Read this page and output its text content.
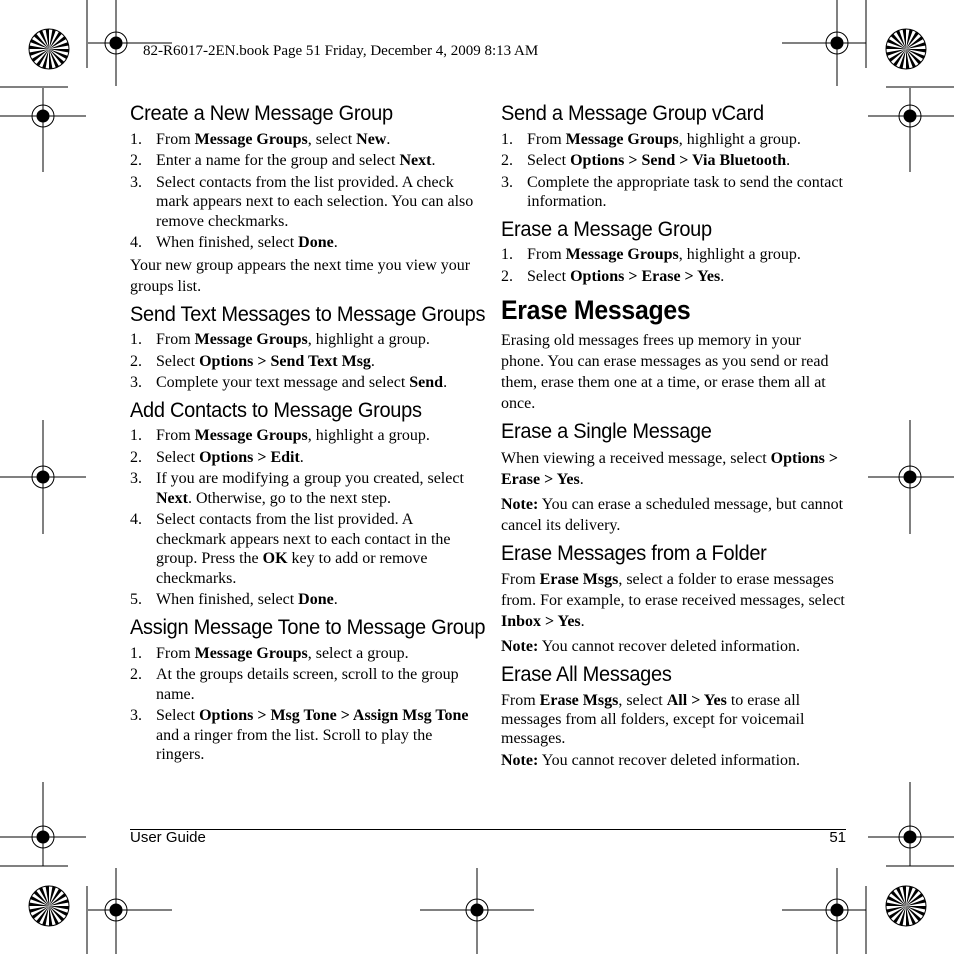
82-R6017-2EN.book Page 51 Friday, December 4, 2009 8:13 AM
Create a New Message Group
1. From Message Groups, select New.
2. Enter a name for the group and select Next.
3. Select contacts from the list provided. A check mark appears next to each selection. You can also remove checkmarks.
4. When finished, select Done.

Your new group appears the next time you view your groups list.

Send Text Messages to Message Groups
1. From Message Groups, highlight a group.
2. Select Options > Send Text Msg.
3. Complete your text message and select Send.
Add Contacts to Message Groups
1. From Message Groups, highlight a group.
2. Select Options > Edit.
3. If you are modifying a group you created, select Next. Otherwise, go to the next step.
4. Select contacts from the list provided. A checkmark appears next to each contact in the group. Press the OK key to add or remove checkmarks.
5. When finished, select Done.
Assign Message Tone to Message Group
1. From Message Groups, select a group.
2. At the groups details screen, scroll to the group name.
3. Select Options > Msg Tone > Assign Msg Tone and a ringer from the list. Scroll to play the ringers.
Send a Message Group vCard
1. From Message Groups, highlight a group.
2. Select Options > Send > Via Bluetooth.
3. Complete the appropriate task to send the contact information.
Erase a Message Group
1. From Message Groups, highlight a group.
2. Select Options > Erase > Yes.
Erase Messages

Erasing old messages frees up memory in your phone. You can erase messages as you send or read them, erase them one at a time, or erase them all at once.

Erase a Single Message

When viewing a received message, select Options > Erase > Yes.

Note: You can erase a scheduled message, but cannot cancel its delivery.

Erase Messages from a Folder

From Erase Msgs, select a folder to erase messages from. For example, to erase received messages, select Inbox > Yes.

Note: You cannot recover deleted information.

Erase All Messages

From Erase Msgs, select All > Yes to erase all messages from all folders, except for voicemail messages.

Note: You cannot recover deleted information.

User Guide	51
